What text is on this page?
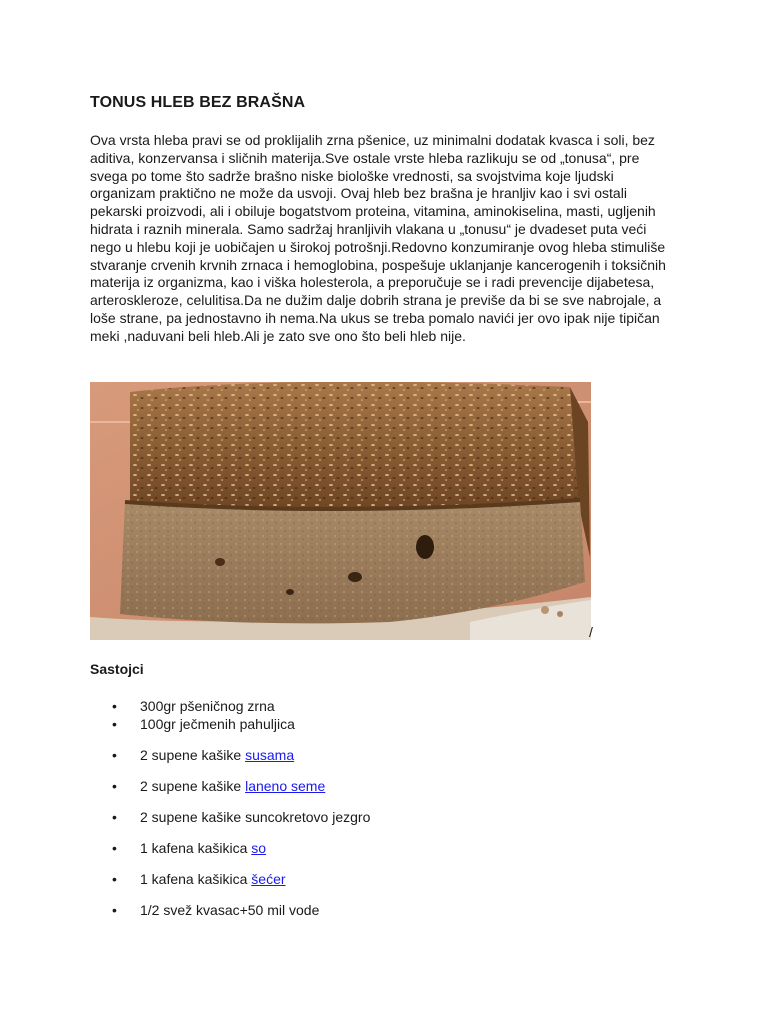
TONUS HLEB BEZ BRAŠNA

Ova vrsta hleba pravi se od proklijalih zrna pšenice, uz minimalni dodatak kvasca i soli, bez aditiva, konzervansa i sličnih materija.Sve ostale vrste hleba razlikuju se od „tonusa“, pre svega po tome što sadrže brašno niske biološke vrednosti, sa svojstvima koje ljudski organizam praktično ne može da usvoji. Ovaj hleb bez brašna je hranljiv kao i svi ostali pekarski proizvodi, ali i obiluje bogatstvom proteina, vitamina, aminokiselina, masti, ugljenih hidrata i raznih minerala. Samo sadržaj hranljivih vlakana u „tonusu“ je dvadeset puta veći nego u hlebu koji je uobičajen u širokoj potrošnji.Redovno konzumiranje ovog hleba stimuliše stvaranje crvenih krvnih zrnaca i hemoglobina, pospešuje uklanjanje kancerogenih i toksičnih materija iz organizma, kao i viška holesterola, a preporučuje se i radi prevencije dijabetesa, arteroskleroze, celulitisa.Da ne dužim dalje dobrih strana je previše da bi se sve nabrojale, a loše strane, pa jednostavno ih nema.Na ukus se treba pomalo navići jer ovo ipak nije tipičan meki ,naduvani beli hleb.Ali je zato sve ono što beli hleb nije.

/
Sastojci
• 300gr pšeničnog zrna
• 100gr ječmenih pahuljica
• 2 supene kašike susama
• 2 supene kašike laneno seme
• 2 supene kašike suncokretovo jezgro
• 1 kafena kašikica so
• 1 kafena kašikica šećer
• 1/2 svež kvasac+50 mil vode
